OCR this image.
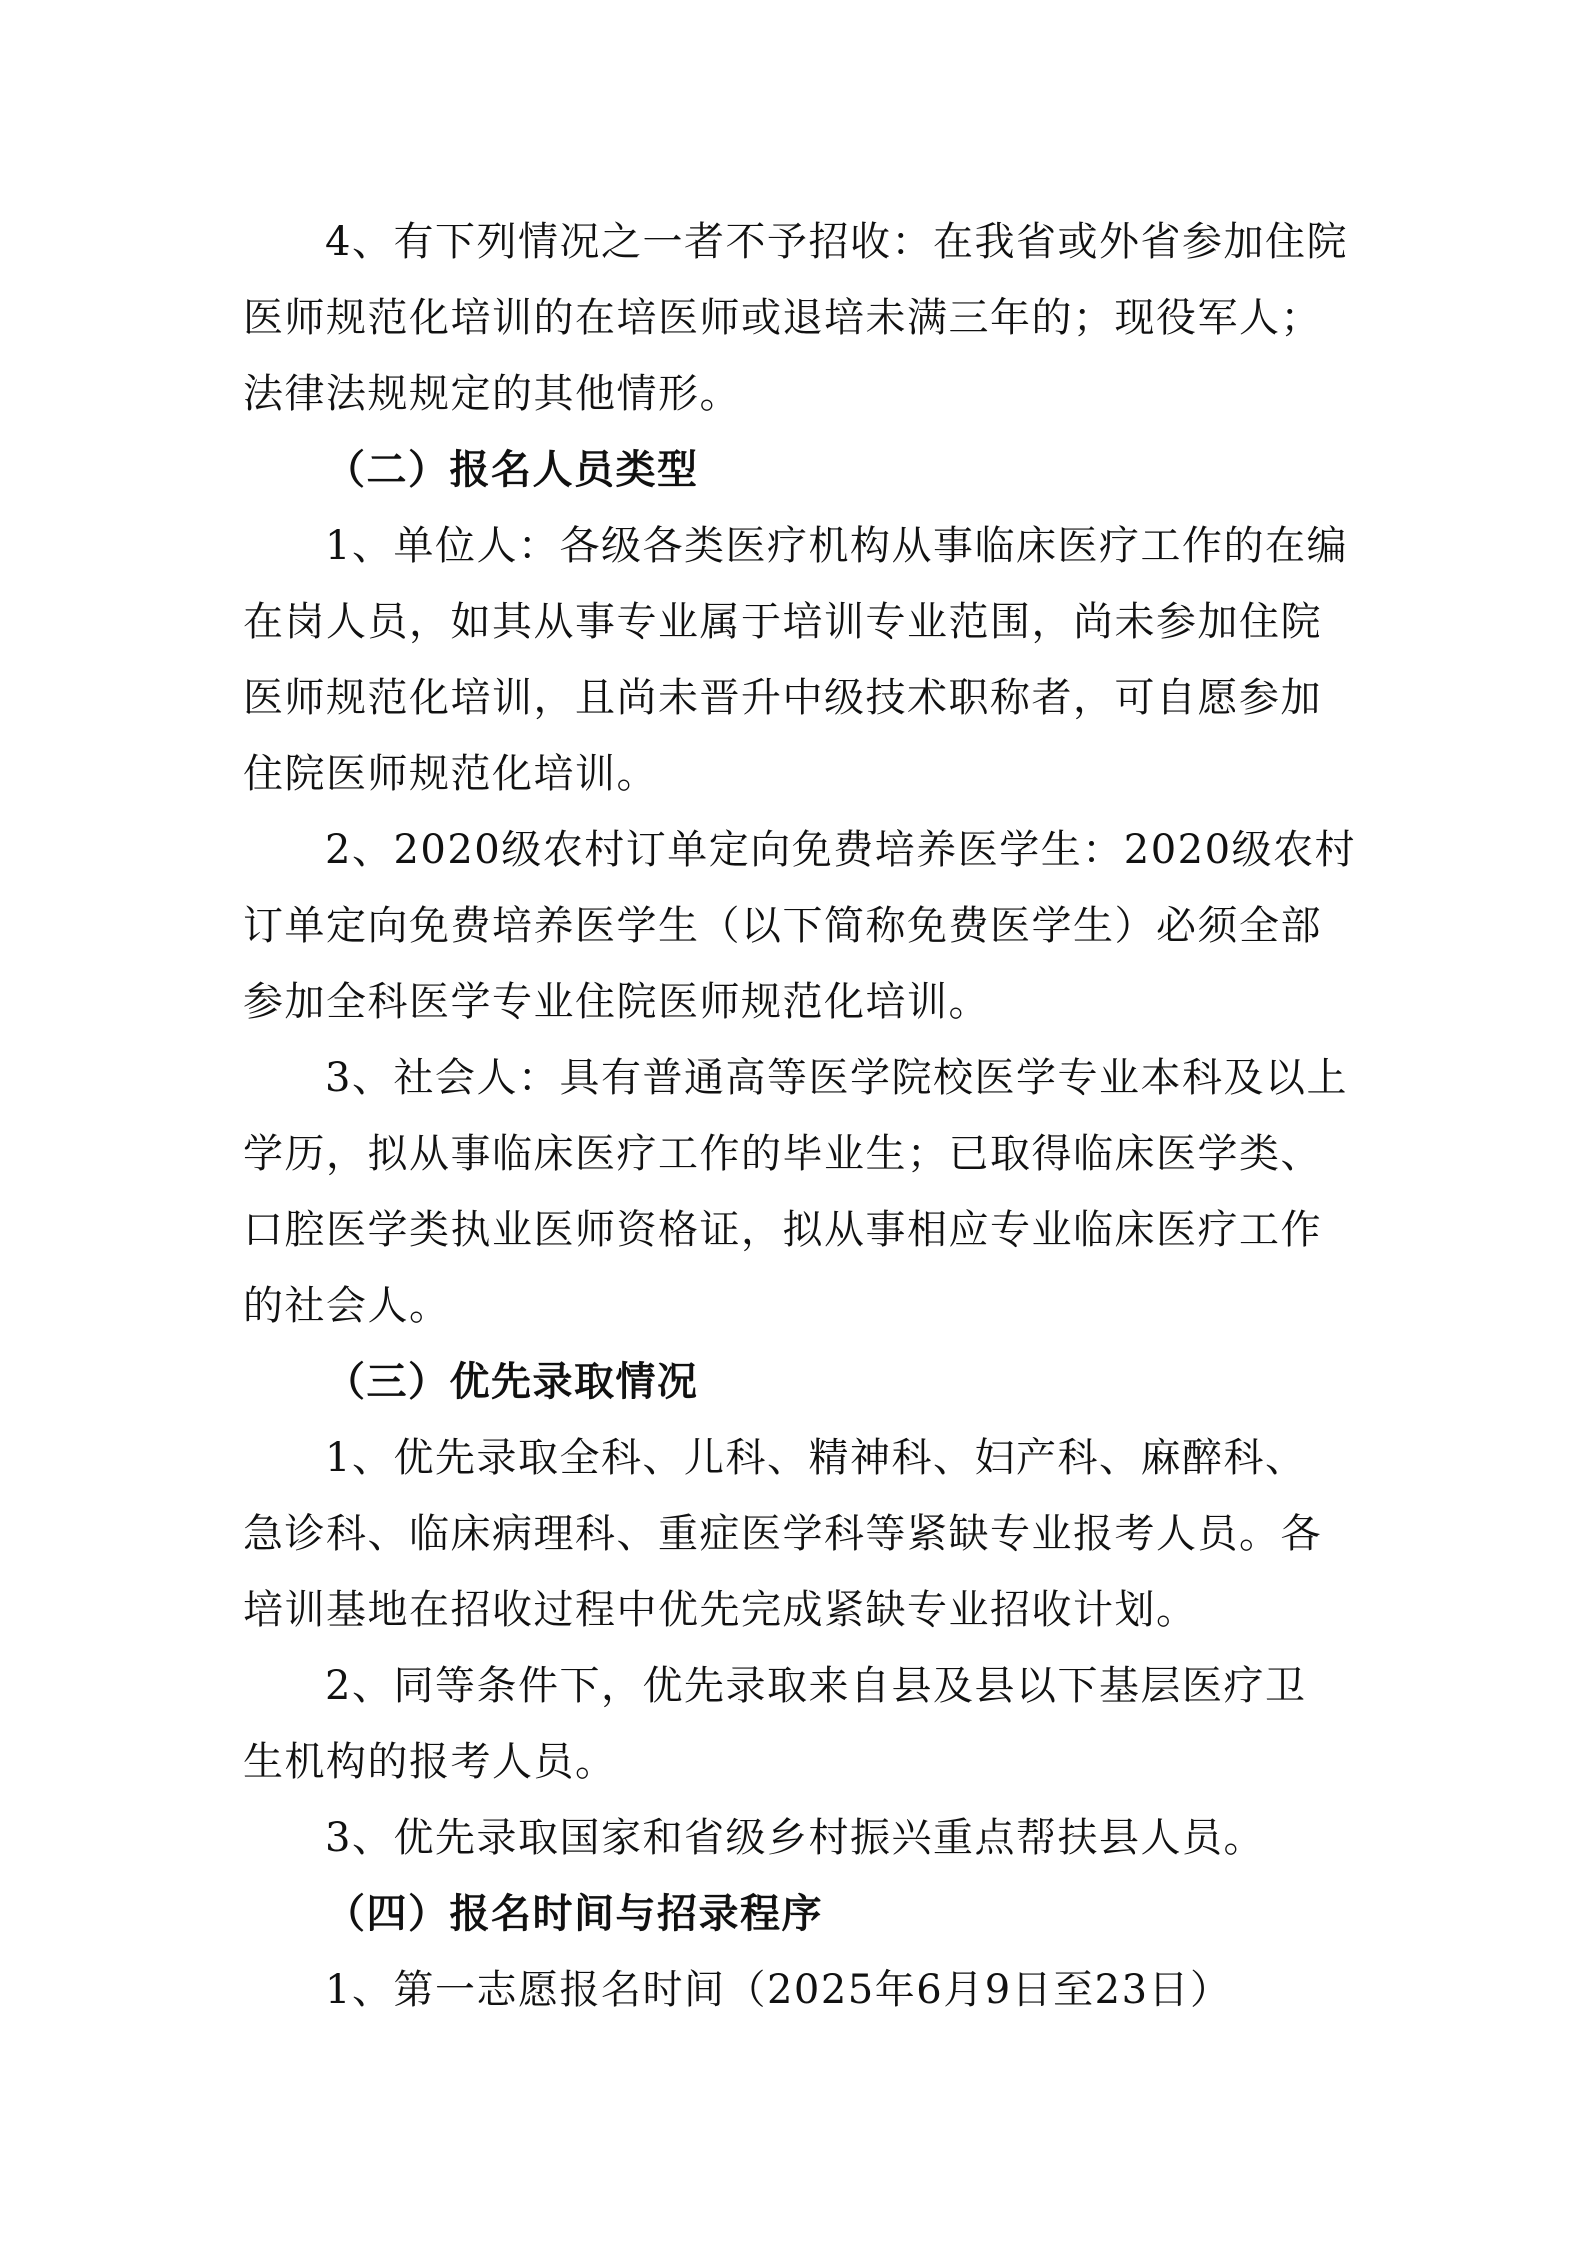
4、有下列情况之一者不予招收：在我省或外省参加住院
医师规范化培训的在培医师或退培未满三年的；现役军人；
法律法规规定的其他情形。
（二）报名人员类型
1、单位人：各级各类医疗机构从事临床医疗工作的在编
在岗人员，如其从事专业属于培训专业范围，尚未参加住院
医师规范化培训，且尚未晋升中级技术职称者，可自愿参加
住院医师规范化培训。
2、2020级农村订单定向免费培养医学生：2020级农村
订单定向免费培养医学生（以下简称免费医学生）必须全部
参加全科医学专业住院医师规范化培训。
3、社会人：具有普通高等医学院校医学专业本科及以上
学历，拟从事临床医疗工作的毕业生；已取得临床医学类、
口腔医学类执业医师资格证，拟从事相应专业临床医疗工作
的社会人。
（三）优先录取情况
1、优先录取全科、儿科、精神科、妇产科、麻醉科、
急诊科、临床病理科、重症医学科等紧缺专业报考人员。各
培训基地在招收过程中优先完成紧缺专业招收计划。
2、同等条件下，优先录取来自县及县以下基层医疗卫
生机构的报考人员。
3、优先录取国家和省级乡村振兴重点帮扶县人员。
（四）报名时间与招录程序
1、第一志愿报名时间（2025年6月9日至23日）
